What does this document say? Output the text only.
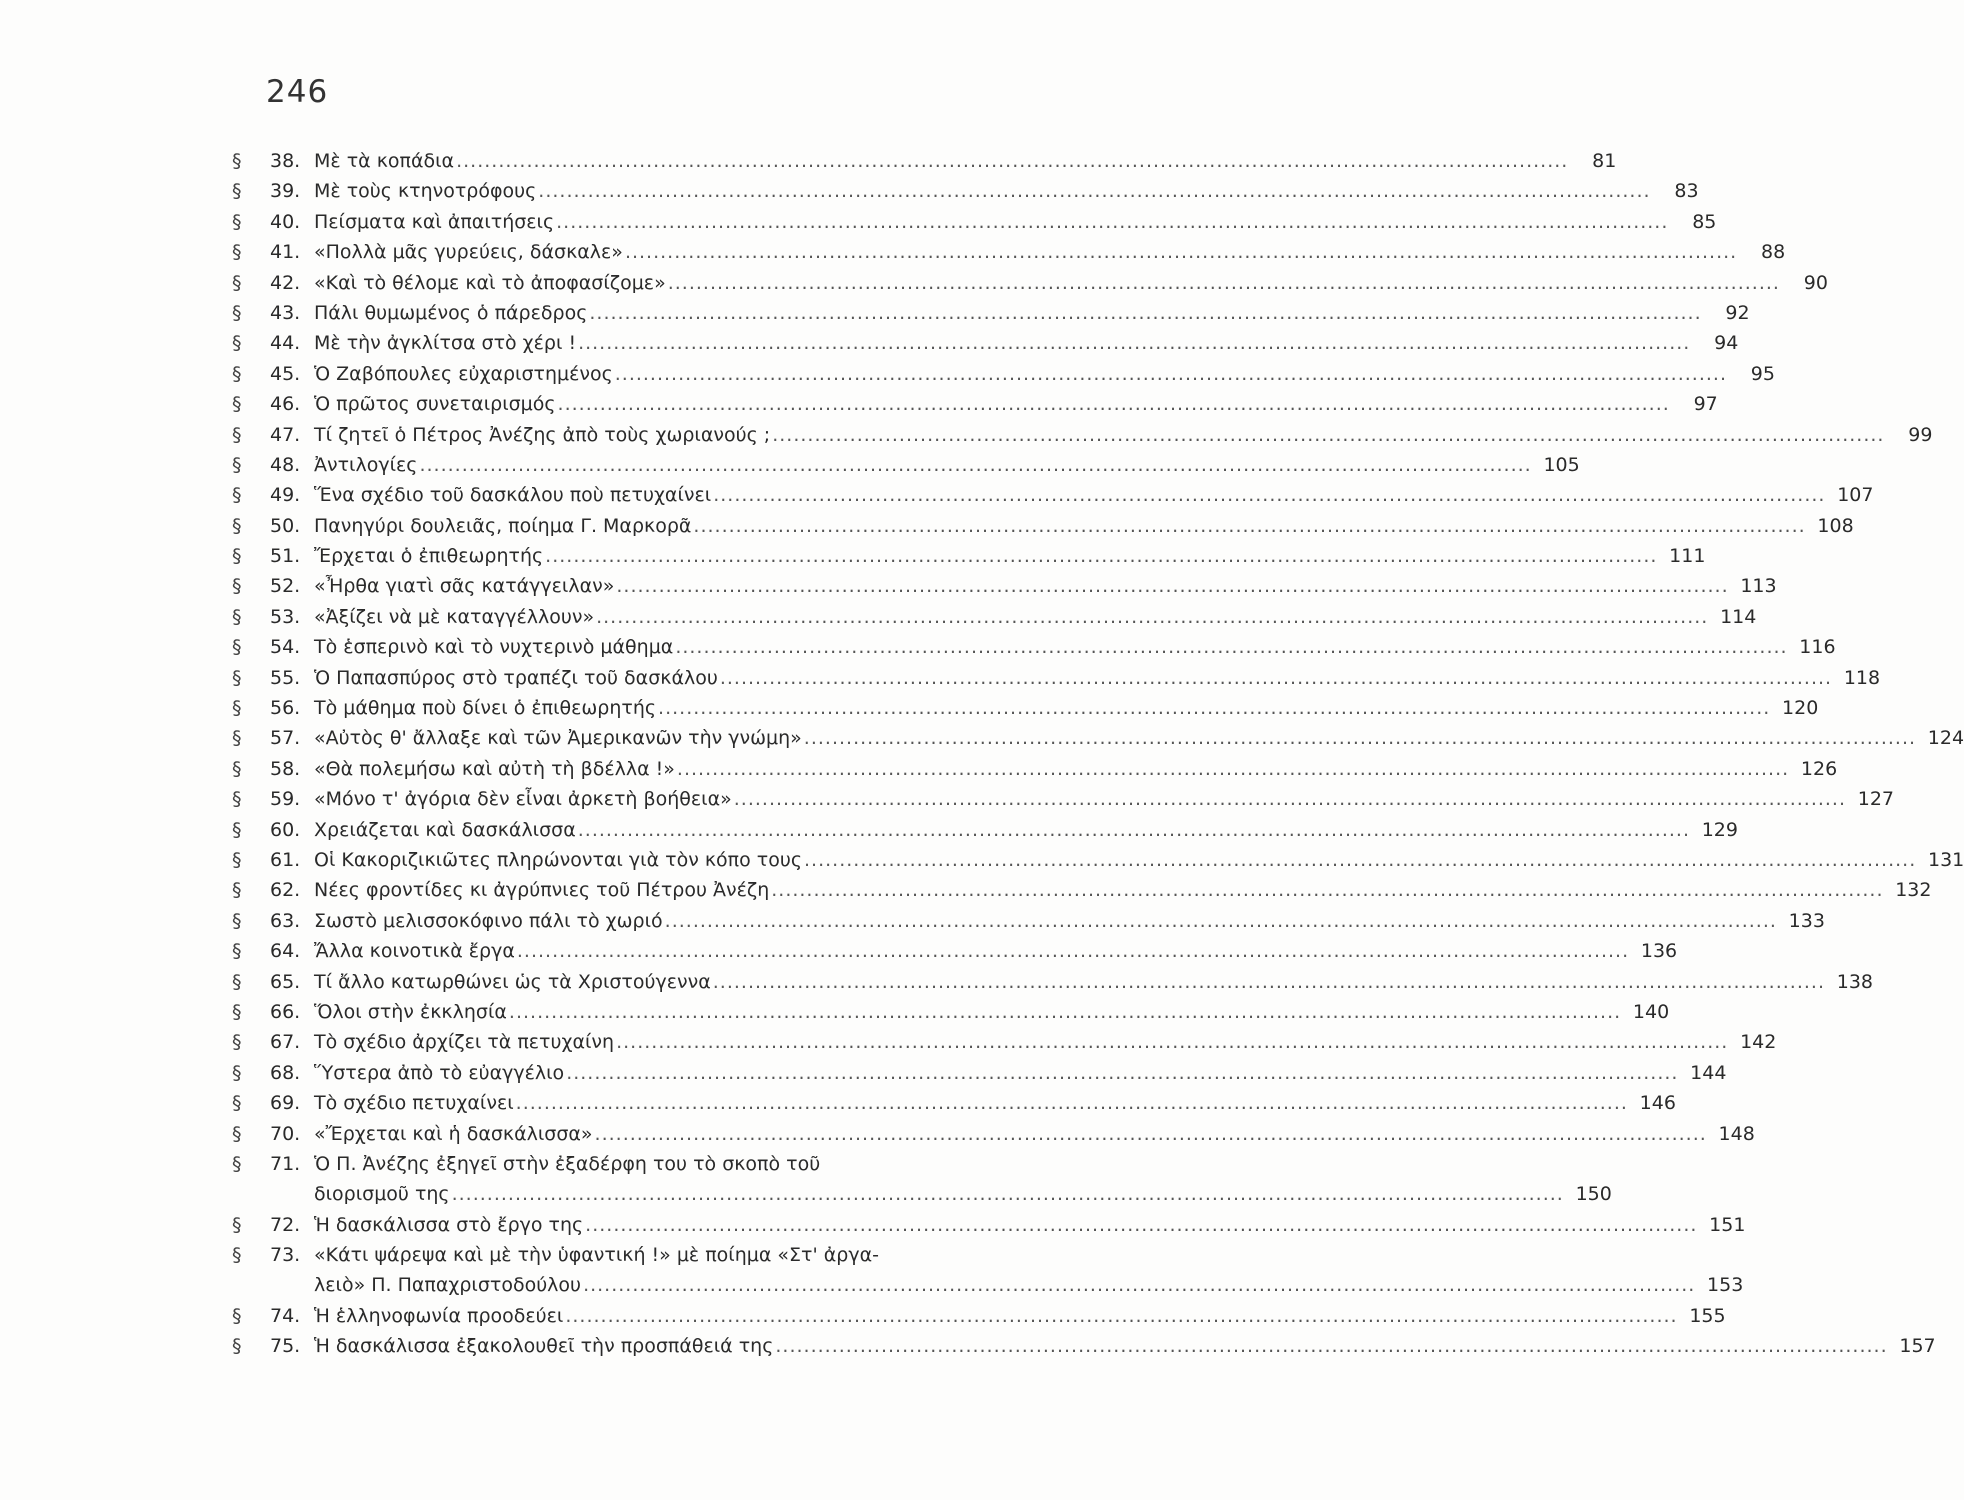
246
§	38. Μὲ τὰ κοπάδια .....	81
§	39. Μὲ τοὺς κτηνοτρόφους .....	83
§	40. Πείσματα καὶ ἀπαιτήσεις .....	85
§	41. «Πολλὰ μᾶς γυρεύεις, δάσκαλε» .....	88
§	42. «Καὶ τὸ θέλομε καὶ τὸ ἀποφασίζομε» .....	90
§	43. Πάλι θυμωμένος ὁ πάρεδρος .....	92
§	44. Μὲ τὴν ἀγκλίτσα στὸ χέρι ! .....	94
§	45. Ὁ Ζαβόπουλες εὐχαριστημένος .....	95
§	46. Ὁ πρῶτος συνεταιρισμός .....	97
§	47. Τί ζητεῖ ὁ Πέτρος Ἀνέζης ἀπὸ τοὺς χωριανούς ; .....	99
§	48. Ἀντιλογίες .....	105
§	49. Ἕνα σχέδιο τοῦ δασκάλου ποὺ πετυχαίνει .....	107
§	50. Πανηγύρι δουλειᾶς, ποίημα Γ. Μαρκορᾶ .....	108
§	51. Ἔρχεται ὁ ἐπιθεωρητής .....	111
§	52. «Ἦρθα γιατὶ σᾶς κατάγγειλαν» .....	113
§	53. «Ἀξίζει νὰ μὲ καταγγέλλουν» .....	114
§	54. Τὸ ἑσπερινὸ καὶ τὸ νυχτερινὸ μάθημα .....	116
§	55. Ὁ Παπασπύρος στὸ τραπέζι τοῦ δασκάλου .....	118
§	56. Τὸ μάθημα ποὺ δίνει ὁ ἐπιθεωρητής .....	120
§	57. «Αὐτὸς θ' ἄλλαξε καὶ τῶν Ἀμερικανῶν τὴν γνώμη» .....	124
§	58. «Θὰ πολεμήσω καὶ αὐτὴ τὴ βδέλλα !» .....	126
§	59. «Μόνο τ' ἀγόρια δὲν εἶναι ἀρκετὴ βοήθεια» .....	127
§	60. Χρειάζεται καὶ δασκάλισσα .....	129
§	61. Οἱ Κακοριζικιῶτες πληρώνονται γιὰ τὸν κόπο τους .....	131
§	62. Νέες φροντίδες κι ἀγρύπνιες τοῦ Πέτρου Ἀνέζη .....	132
§	63. Σωστὸ μελισσοκόφινο πάλι τὸ χωριό .....	133
§	64. Ἄλλα κοινοτικὰ ἔργα .....	136
§	65. Τί ἄλλο κατωρθώνει ὡς τὰ Χριστούγεννα .....	138
§	66. Ὅλοι στὴν ἐκκλησία .....	140
§	67. Τὸ σχέδιο ἀρχίζει τὰ πετυχαίνη .....	142
§	68. Ὕστερα ἀπὸ τὸ εὐαγγέλιο .....	144
§	69. Τὸ σχέδιο πετυχαίνει .....	146
§	70. «Ἔρχεται καὶ ἡ δασκάλισσα» .....	148
§	71. Ὁ Π. Ἀνέζης ἐξηγεῖ στὴν ἐξαδέρφη του τὸ σκοπὸ τοῦ
διορισμοῦ της .....	150
§	72. Ἡ δασκάλισσα στὸ ἔργο της .....	151
§	73. «Κάτι ψάρεψα καὶ μὲ τὴν ὑφαντική !» μὲ ποίημα «Στ' ἀργα-
λειὸ» Π. Παπαχριστοδούλου .....	153
§	74. Ἡ ἑλληνοφωνία προοδεύει .....	155
§	75. Ἡ δασκάλισσα ἐξακολουθεῖ τὴν προσπάθειά της .....	157
